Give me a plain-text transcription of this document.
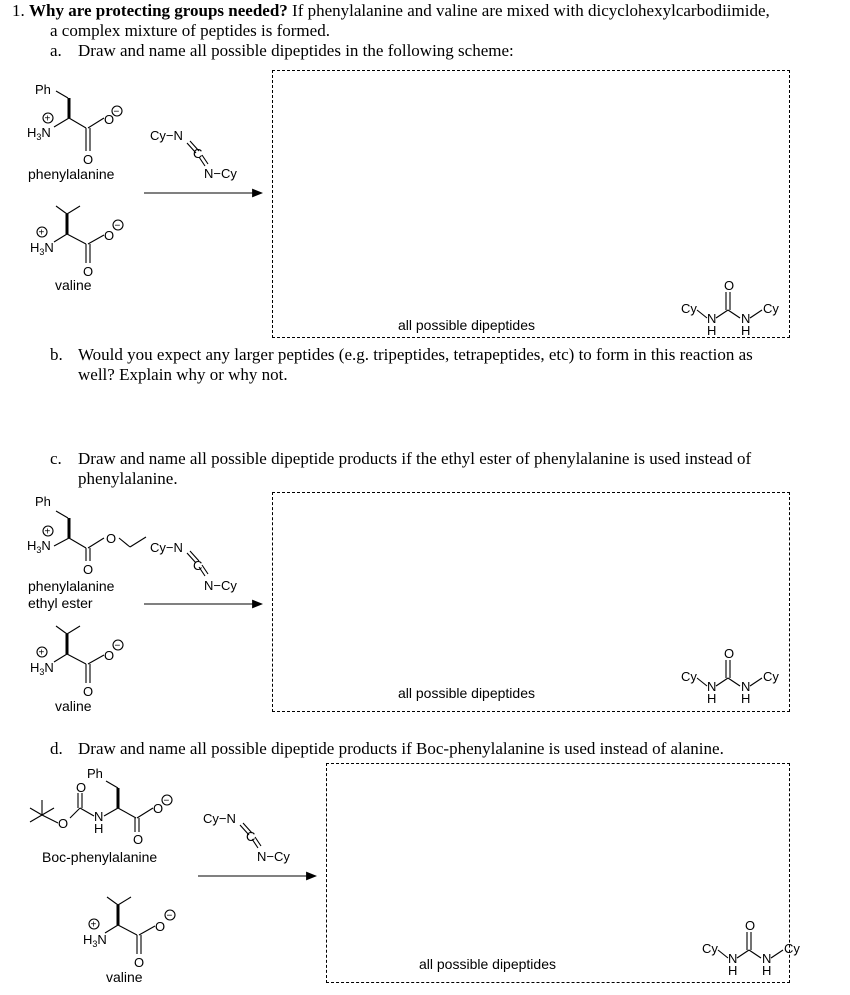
1. Why are protecting groups needed? If phenylalanine and valine are mixed with dicyclohexylcarbodiimide,
a complex mixture of peptides is formed.
a. Draw and name all possible dipeptides in the following scheme:
b. Would you expect any larger peptides (e.g. tripeptides, tetrapeptides, etc) to form in this reaction as
well? Explain why or why not.
c. Draw and name all possible dipeptide products if the ethyl ester of phenylalanine is used instead of
phenylalanine.
d. Draw and name all possible dipeptide products if Boc-phenylalanine is used instead of alanine.
phenylalanine
valine
phenylalanine
ethyl ester
valine
Boc-phenylalanine
valine
all possible dipeptides
all possible dipeptides
all possible dipeptides
Ph
+
$H_3N$
O
O −
+
$H_3N$
O
O
−
Cy−N
C
N−Cy
Cy
N
H
O
N
H
Cy
Ph
+
$H_3N$
O
O
+
$H_3N$
O
O
−
Cy−N
C
N−Cy
Cy
N
H
O
N
H
Cy
Ph
O
O N
H
O
O −
+
$H_3N$
O
O
−
Cy−N
C
N−Cy
Cy
N
H
O
N
H
Cy
